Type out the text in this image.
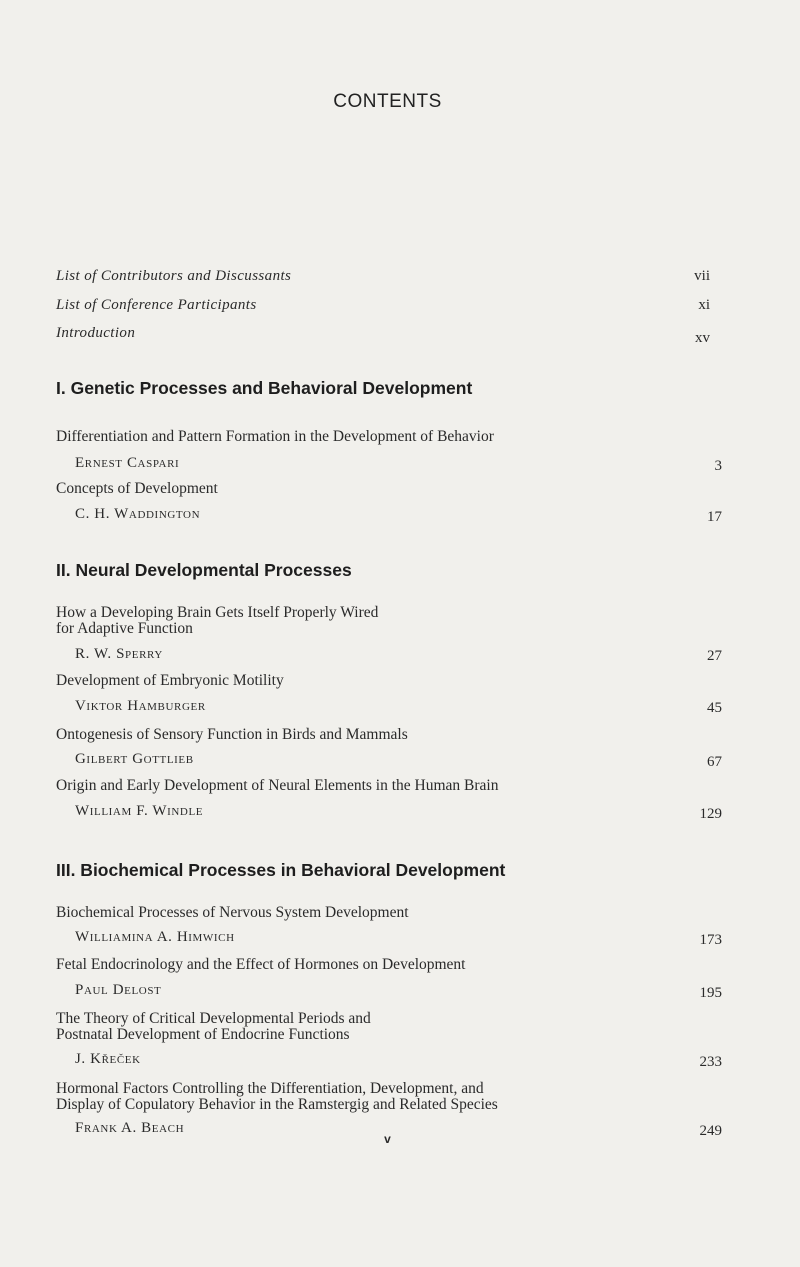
CONTENTS
List of Contributors and Discussants	vii
List of Conference Participants	xi
Introduction	xv
I. Genetic Processes and Behavioral Development
Differentiation and Pattern Formation in the Development of Behavior
Ernest Caspari	3
Concepts of Development
C. H. Waddington	17
II. Neural Developmental Processes
How a Developing Brain Gets Itself Properly Wired
for Adaptive Function
R. W. Sperry	27
Development of Embryonic Motility
Viktor Hamburger	45
Ontogenesis of Sensory Function in Birds and Mammals
Gilbert Gottlieb	67
Origin and Early Development of Neural Elements in the Human Brain
William F. Windle	129
III. Biochemical Processes in Behavioral Development
Biochemical Processes of Nervous System Development
Williamina A. Himwich	173
Fetal Endocrinology and the Effect of Hormones on Development
Paul Delost	195
The Theory of Critical Developmental Periods and
Postnatal Development of Endocrine Functions
J. Křeček	233
Hormonal Factors Controlling the Differentiation, Development, and
Display of Copulatory Behavior in the Ramstergig and Related Species
Frank A. Beach	249
v
